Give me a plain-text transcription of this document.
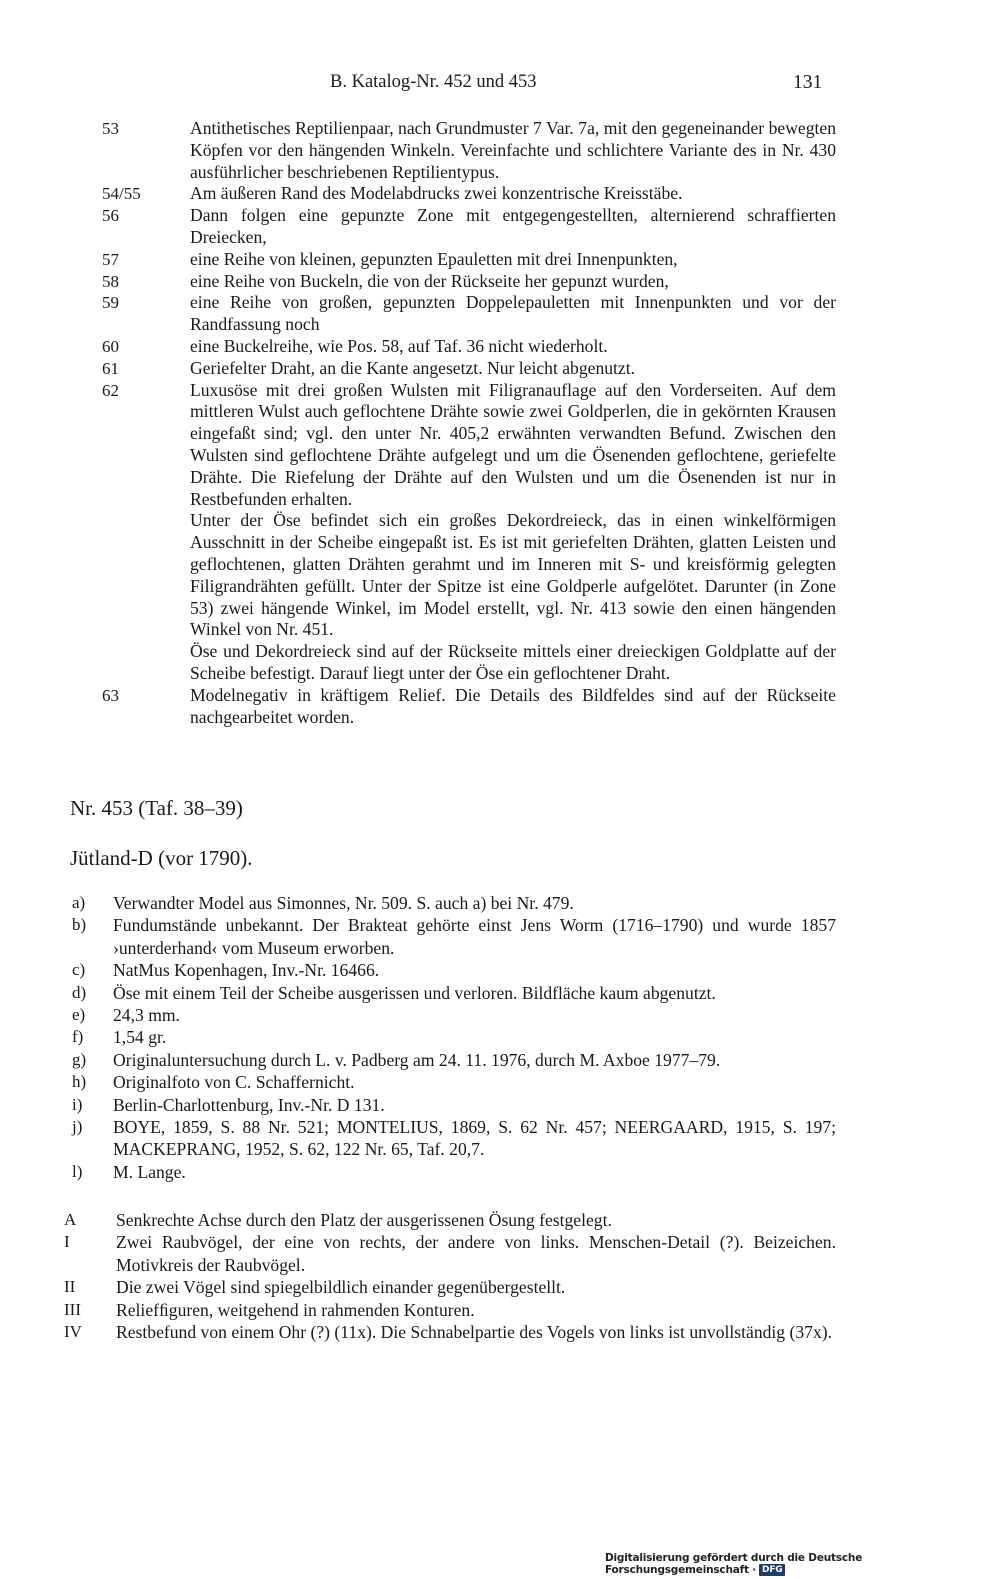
B. Katalog-Nr. 452 und 453	131
53	Antithetisches Reptilienpaar, nach Grundmuster 7 Var. 7a, mit den gegeneinander bewegten Köpfen vor den hängenden Winkeln. Vereinfachte und schlichtere Variante des in Nr. 430 ausführlicher beschriebenen Reptilientypus.

54/55	Am äußeren Rand des Modelabdrucks zwei konzentrische Kreisstäbe.

56	Dann folgen eine gepunzte Zone mit entgegengestellten, alternierend schraffierten Dreiecken,

57	eine Reihe von kleinen, gepunzten Epauletten mit drei Innenpunkten,

58	eine Reihe von Buckeln, die von der Rückseite her gepunzt wurden,

59	eine Reihe von großen, gepunzten Doppelepauletten mit Innenpunkten und vor der Randfassung noch

60	eine Buckelreihe, wie Pos. 58, auf Taf. 36 nicht wiederholt.

61	Geriefelter Draht, an die Kante angesetzt. Nur leicht abgenutzt.

62	Luxusöse mit drei großen Wulsten mit Filigranauflage auf den Vorderseiten. Auf dem mittleren Wulst auch geflochtene Drähte sowie zwei Goldperlen, die in gekörnten Krausen eingefaßt sind; vgl. den unter Nr. 405,2 erwähnten verwandten Befund. Zwischen den Wulsten sind geflochtene Drähte aufgelegt und um die Ösenenden geflochtene, geriefelte Drähte. Die Riefelung der Drähte auf den Wulsten und um die Ösenenden ist nur in Restbefunden erhalten.

Unter der Öse befindet sich ein großes Dekordreieck, das in einen winkelförmigen Ausschnitt in der Scheibe eingepaßt ist. Es ist mit geriefelten Drähten, glatten Leisten und geflochtenen, glatten Drähten gerahmt und im Inneren mit S- und kreisförmig gelegten Filigrandrähten gefüllt. Unter der Spitze ist eine Goldperle aufgelötet. Darunter (in Zone 53) zwei hängende Winkel, im Model erstellt, vgl. Nr. 413 sowie den einen hängenden Winkel von Nr. 451.

Öse und Dekordreieck sind auf der Rückseite mittels einer dreieckigen Goldplatte auf der Scheibe befestigt. Darauf liegt unter der Öse ein geflochtener Draht.

63	Modelnegativ in kräftigem Relief. Die Details des Bildfeldes sind auf der Rückseite nachgearbeitet worden.

Nr. 453 (Taf. 38–39)
Jütland-D (vor 1790).
a)	Verwandter Model aus Simonnes, Nr. 509. S. auch a) bei Nr. 479.
b)	Fundumstände unbekannt. Der Brakteat gehörte einst Jens Worm (1716–1790) und wurde 1857 ›unterderhand‹ vom Museum erworben.
c)	NatMus Kopenhagen, Inv.-Nr. 16466.
d)	Öse mit einem Teil der Scheibe ausgerissen und verloren. Bildfläche kaum abgenutzt.
e)	24,3 mm.
f)	1,54 gr.
g)	Originaluntersuchung durch L. v. Padberg am 24. 11. 1976, durch M. Axboe 1977–79.
h)	Originalfoto von C. Schaffernicht.
i)	Berlin-Charlottenburg, Inv.-Nr. D 131.
j)	BOYE, 1859, S. 88 Nr. 521; MONTELIUS, 1869, S. 62 Nr. 457; NEERGAARD, 1915, S. 197; MACKEPRANG, 1952, S. 62, 122 Nr. 65, Taf. 20,7.
l)	M. Lange.
A	Senkrechte Achse durch den Platz der ausgerissenen Ösung festgelegt.
I	Zwei Raubvögel, der eine von rechts, der andere von links. Menschen-Detail (?). Beizeichen. Motivkreis der Raubvögel.
II	Die zwei Vögel sind spiegelbildlich einander gegenübergestellt.
III	Reliefﬁguren, weitgehend in rahmenden Konturen.
IV	Restbefund von einem Ohr (?) (11x). Die Schnabelpartie des Vogels von links ist unvollständig (37x).
Digitalisierung gefördert durch die Deutsche Forschungsgemeinschaft · DFG
